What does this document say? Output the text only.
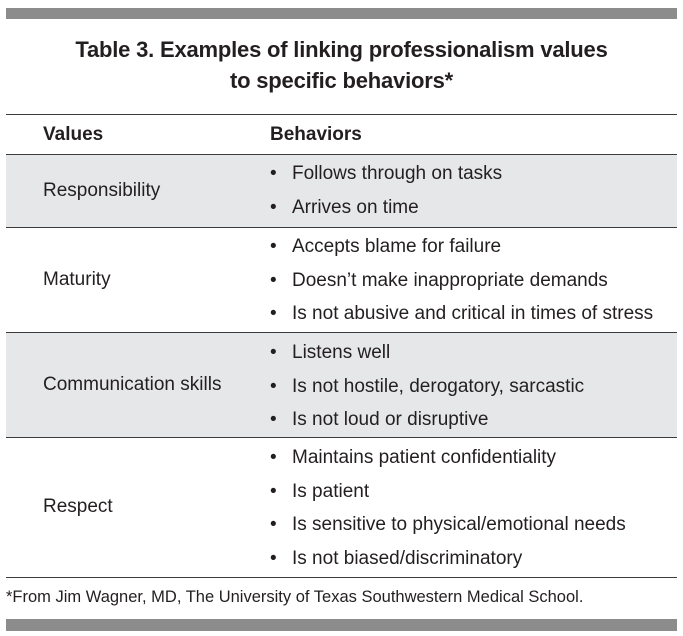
Table 3. Examples of linking professionalism values
to specific behaviors*
Values	Behaviors
Responsibility
• Follows through on tasks
• Arrives on time
Maturity
• Accepts blame for failure
• Doesn’t make inappropriate demands
• Is not abusive and critical in times of stress
Communication skills
• Listens well
• Is not hostile, derogatory, sarcastic
• Is not loud or disruptive
Respect
• Maintains patient confidentiality
• Is patient
• Is sensitive to physical/emotional needs
• Is not biased/discriminatory
*From Jim Wagner, MD, The University of Texas Southwestern Medical School.
